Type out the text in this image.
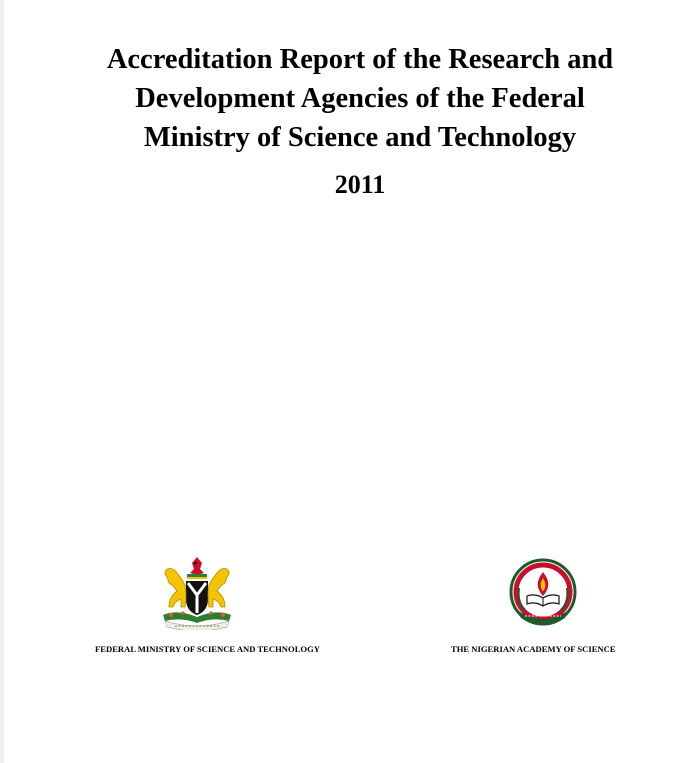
Accreditation Report of the Research and
Development Agencies of the Federal
Ministry of Science and Technology
2011
FEDERAL MINISTRY OF SCIENCE AND TECHNOLOGY	THE NIGERIAN ACADEMY OF SCIENCE
